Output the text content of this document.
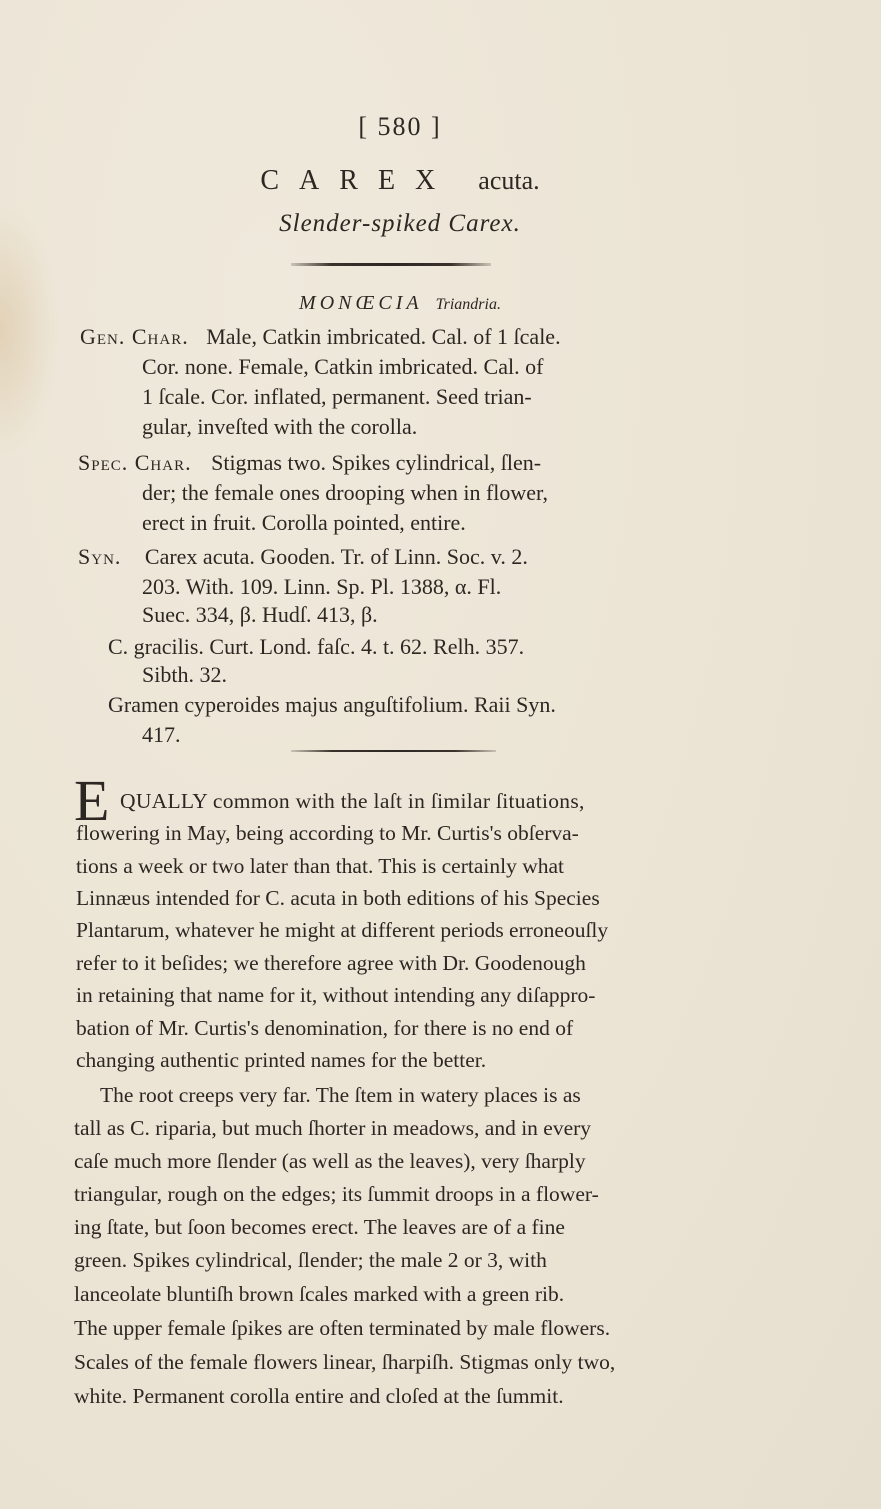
[ 580 ]
CAREX acuta.
Slender-spiked Carex.
MONŒCIA Triandria.
Gen. Char. Male, Catkin imbricated. Cal. of 1 ſcale.
Cor. none. Female, Catkin imbricated. Cal. of
1 ſcale. Cor. inflated, permanent. Seed trian-
gular, inveſted with the corolla.
Spec. Char. Stigmas two. Spikes cylindrical, ſlen-
der; the female ones drooping when in flower,
erect in fruit. Corolla pointed, entire.
Syn. Carex acuta. Gooden. Tr. of Linn. Soc. v. 2.
203. With. 109. Linn. Sp. Pl. 1388, α. Fl.
Suec. 334, β. Hudſ. 413, β.
C. gracilis. Curt. Lond. faſc. 4. t. 62. Relh. 357.
Sibth. 32.
Gramen cyperoides majus anguſtifolium. Raii Syn.
417.
E QUALLY common with the laſt in ſimilar ſituations,
flowering in May, being according to Mr. Curtis's obſerva-
tions a week or two later than that. This is certainly what
Linnæus intended for C. acuta in both editions of his Species
Plantarum, whatever he might at different periods erroneouſly
refer to it beſides; we therefore agree with Dr. Goodenough
in retaining that name for it, without intending any diſappro-
bation of Mr. Curtis's denomination, for there is no end of
changing authentic printed names for the better.
The root creeps very far. The ſtem in watery places is as
tall as C. riparia, but much ſhorter in meadows, and in every
caſe much more ſlender (as well as the leaves), very ſharply
triangular, rough on the edges; its ſummit droops in a flower-
ing ſtate, but ſoon becomes erect. The leaves are of a fine
green. Spikes cylindrical, ſlender; the male 2 or 3, with
lanceolate bluntiſh brown ſcales marked with a green rib.
The upper female ſpikes are often terminated by male flowers.
Scales of the female flowers linear, ſharpiſh. Stigmas only two,
white. Permanent corolla entire and cloſed at the ſummit.
